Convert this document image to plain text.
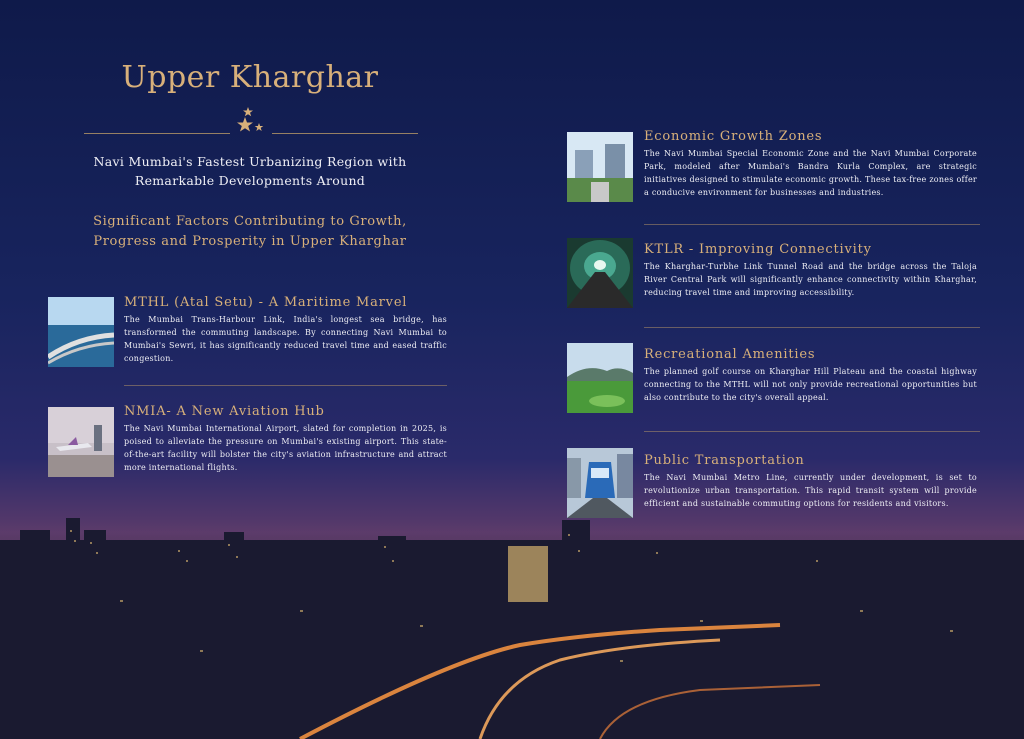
Upper Kharghar
Navi Mumbai's Fastest Urbanizing Region with Remarkable Developments Around
Significant Factors Contributing to Growth, Progress and Prosperity in Upper Kharghar
MTHL (Atal Setu) - A Maritime Marvel

The Mumbai Trans-Harbour Link, India's longest sea bridge, has transformed the commuting landscape. By connecting Navi Mumbai to Mumbai's Sewri, it has significantly reduced travel time and eased traffic congestion.

NMIA- A New Aviation Hub

The Navi Mumbai International Airport, slated for completion in 2025, is poised to alleviate the pressure on Mumbai's existing airport. This state-of-the-art facility will bolster the city's aviation infrastructure and attract more international flights.

Economic Growth Zones

The Navi Mumbai Special Economic Zone and the Navi Mumbai Corporate Park, modeled after Mumbai's Bandra Kurla Complex, are strategic initiatives designed to stimulate economic growth. These tax-free zones offer a conducive environment for businesses and industries.

KTLR - Improving Connectivity

The Kharghar-Turbhe Link Tunnel Road and the bridge across the Taloja River Central Park will significantly enhance connectivity within Kharghar, reducing travel time and improving accessibility.

Recreational Amenities

The planned golf course on Kharghar Hill Plateau and the coastal highway connecting to the MTHL will not only provide recreational opportunities but also contribute to the city's overall appeal.

Public Transportation

The Navi Mumbai Metro Line, currently under development, is set to revolutionize urban transportation. This rapid transit system will provide efficient and sustainable commuting options for residents and visitors.
